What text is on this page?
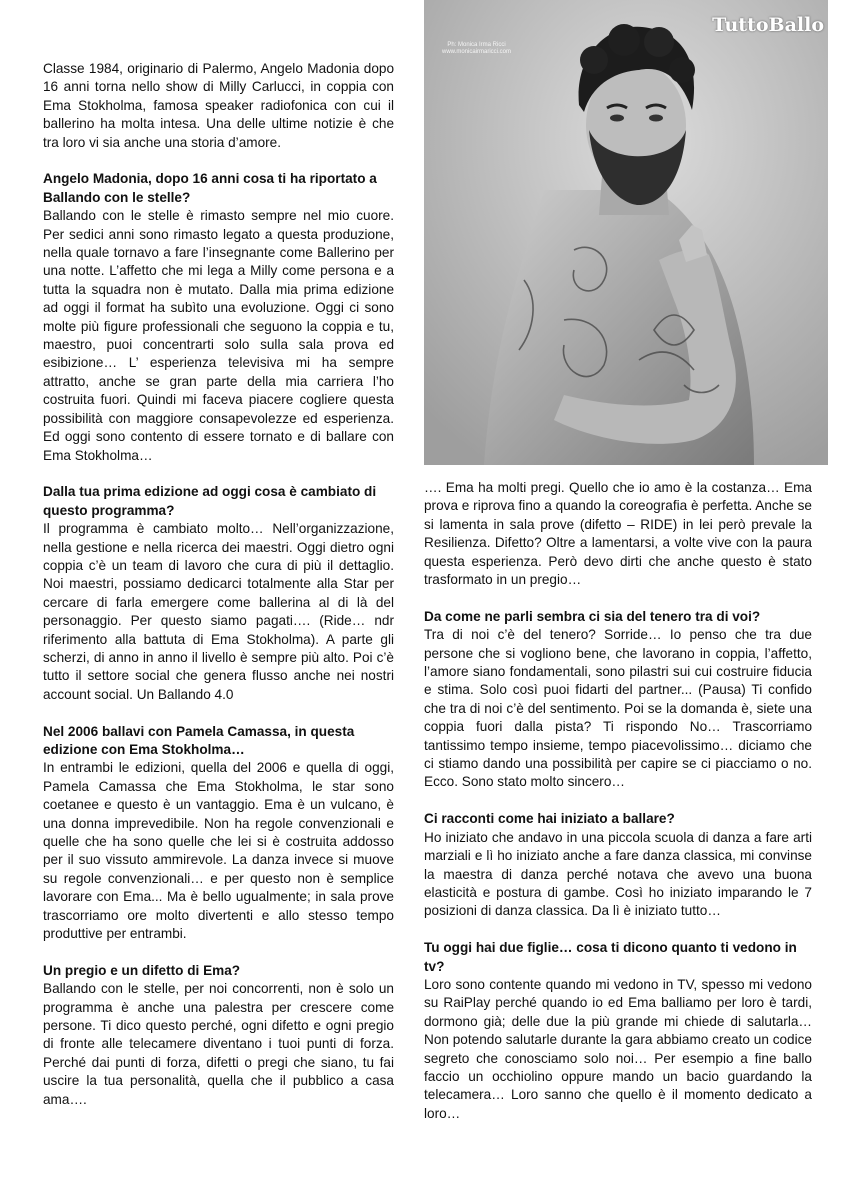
Classe 1984, originario di Palermo, Angelo Madonia dopo 16 anni torna nello show di Milly Carlucci, in coppia con Ema Stokholma, famosa speaker radiofonica con cui il ballerino ha molta intesa. Una delle ultime notizie è che tra loro vi sia anche una storia d’amore.

Angelo Madonia, dopo 16 anni cosa ti ha riportato a Ballando con le stelle?

Ballando con le stelle è rimasto sempre nel mio cuore. Per sedici anni sono rimasto legato a questa produzione, nella quale tornavo a fare l’insegnante come Ballerino per una notte. L’affetto che mi lega a Milly come persona e a tutta la squadra non è mutato. Dalla mia prima edizione ad oggi il format ha subìto una evoluzione. Oggi ci sono molte più figure professionali che seguono la coppia e tu, maestro, puoi concentrarti solo sulla sala prova ed esibizione… L’ esperienza televisiva mi ha sempre attratto, anche se gran parte della mia carriera l’ho costruita fuori. Quindi mi faceva piacere cogliere questa possibilità con maggiore consapevolezze ed esperienza. Ed oggi sono contento di essere tornato e di ballare con Ema Stokholma…

Dalla tua prima edizione ad oggi cosa è cambiato di questo programma?

Il programma è cambiato molto… Nell’organizzazione, nella gestione e nella ricerca dei maestri. Oggi dietro ogni coppia c’è un team di lavoro che cura di più il dettaglio. Noi maestri, possiamo dedicarci totalmente alla Star per cercare di farla emergere come ballerina al di là del personaggio. Per questo siamo pagati…. (Ride… ndr riferimento alla battuta di Ema Stokholma). A parte gli scherzi, di anno in anno il livello è sempre più alto. Poi c’è tutto il settore social che genera flusso anche nei nostri account social. Un Ballando 4.0

Nel 2006 ballavi con Pamela Camassa, in questa edizione con Ema Stokholma…

In entrambi le edizioni, quella del 2006 e quella di oggi, Pamela Camassa che Ema Stokholma, le star sono coetanee e questo è un vantaggio. Ema è un vulcano, è una donna imprevedibile. Non ha regole convenzionali e quelle che ha sono quelle che lei si è costruita addosso per il suo vissuto ammirevole. La danza invece si muove su regole convenzionali… e per questo non è semplice lavorare con Ema... Ma è bello ugualmente; in sala prove trascorriamo ore molto divertenti e allo stesso tempo produttive per entrambi.

Un pregio e un difetto di Ema?

Ballando con le stelle, per noi concorrenti, non è solo un programma è anche una palestra per crescere come persone. Ti dico questo perché, ogni difetto e ogni pregio di fronte alle telecamere diventano i tuoi punti di forza. Perché dai punti di forza, difetti o pregi che siano, tu fai uscire la tua personalità, quella che il pubblico a casa ama….

TuttoBallo

Ph: Monica Irma Ricci
www.monicairmaricci.com

…. Ema ha molti pregi. Quello che io amo è la costanza… Ema prova e riprova fino a quando la coreografia è perfetta. Anche se si lamenta in sala prove (difetto – RIDE) in lei però prevale la Resilienza. Difetto? Oltre a lamentarsi, a volte vive con la paura questa esperienza. Però devo dirti che anche questo è stato trasformato in un pregio…

Da come ne parli sembra ci sia del tenero tra di voi?

Tra di noi c’è del tenero? Sorride… Io penso che tra due persone che si vogliono bene, che lavorano in coppia, l’affetto, l’amore siano fondamentali, sono pilastri sui cui costruire fiducia e stima. Solo così puoi fidarti del partner... (Pausa) Ti confido che tra di noi c’è del sentimento. Poi se la domanda è, siete una coppia fuori dalla pista? Ti rispondo No… Trascorriamo tantissimo tempo insieme, tempo piacevolissimo… diciamo che ci stiamo dando una possibilità per capire se ci piacciamo o no. Ecco. Sono stato molto sincero…

Ci racconti come hai iniziato a ballare?

Ho iniziato che andavo in una piccola scuola di danza a fare arti marziali e lì ho iniziato anche a fare danza classica, mi convinse la maestra di danza perché notava che avevo una buona elasticità e postura di gambe. Così ho iniziato imparando le 7 posizioni di danza classica. Da lì è iniziato tutto…

Tu oggi hai due figlie… cosa ti dicono quanto ti vedono in tv?

Loro sono contente quando mi vedono in TV, spesso mi vedono su RaiPlay perché quando io ed Ema balliamo per loro è tardi, dormono già; delle due la più grande mi chiede di salutarla… Non potendo salutarle durante la gara abbiamo creato un codice segreto che conosciamo solo noi… Per esempio a fine ballo faccio un occhiolino oppure mando un bacio guardando la telecamera… Loro sanno che quello è il momento dedicato a loro…
